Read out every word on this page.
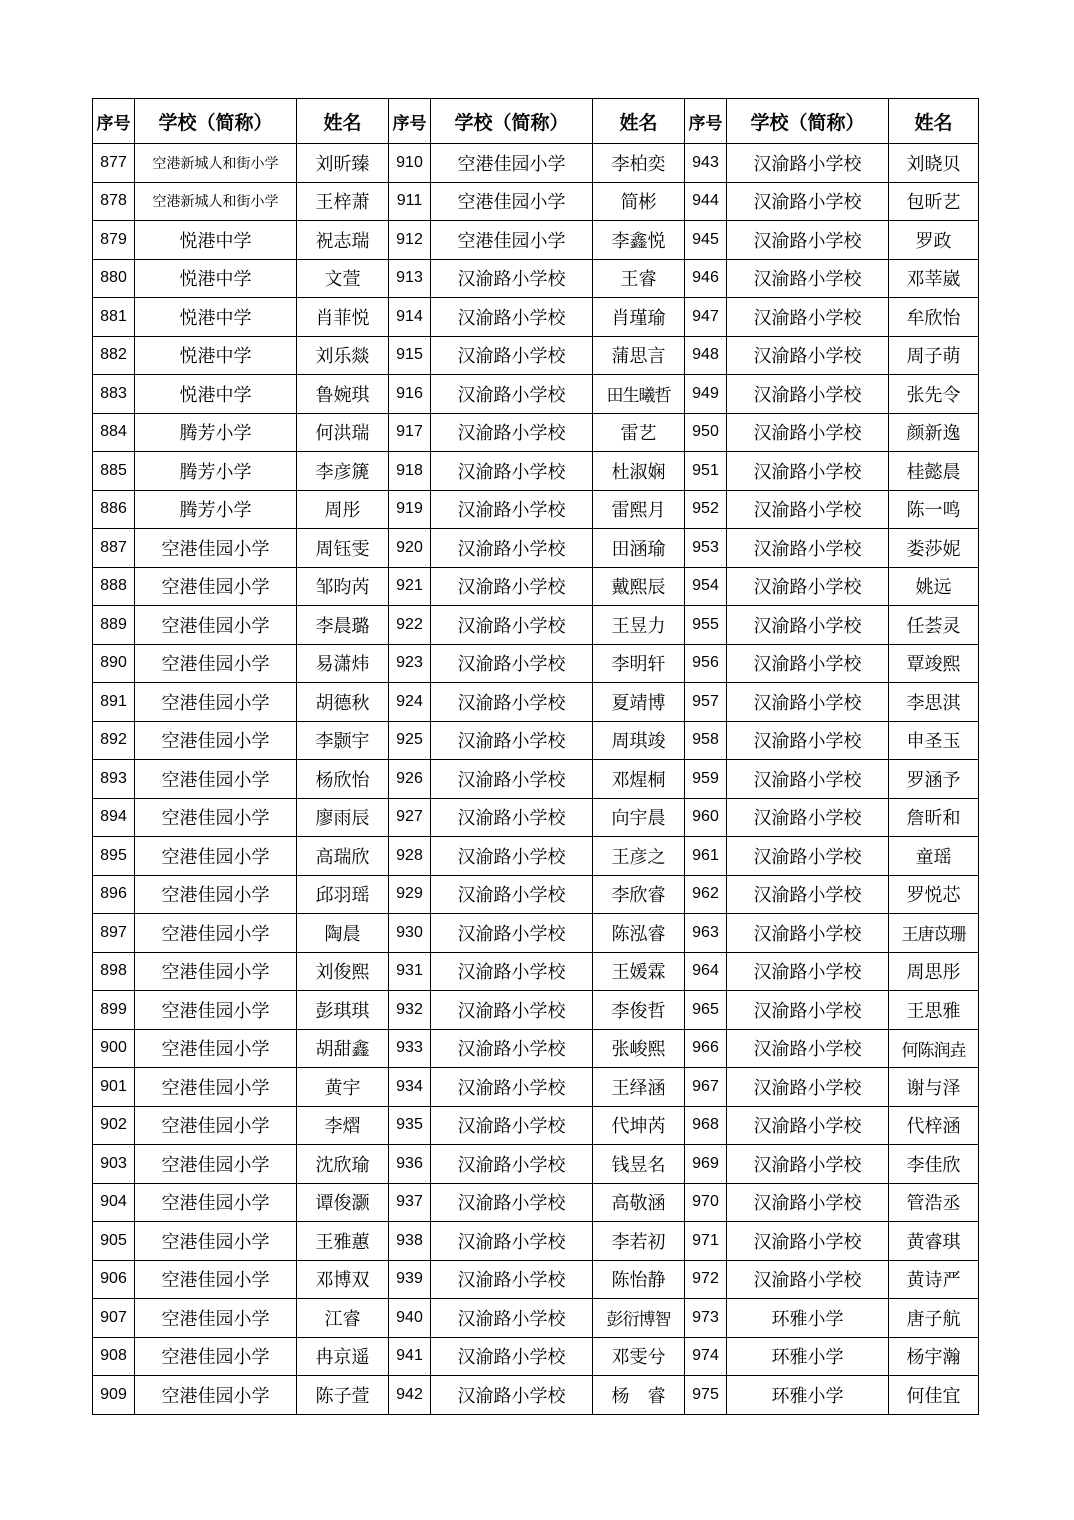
序号	学校（简称）	姓名	序号	学校（简称）	姓名	序号	学校（简称）	姓名
877	空港新城人和街小学	刘昕臻	910	空港佳园小学	李柏奕	943	汉渝路小学校	刘晓贝
878	空港新城人和街小学	王梓萧	911	空港佳园小学	简彬	944	汉渝路小学校	包昕艺
879	悦港中学	祝志瑞	912	空港佳园小学	李鑫悦	945	汉渝路小学校	罗政
880	悦港中学	文萱	913	汉渝路小学校	王睿	946	汉渝路小学校	邓莘崴
881	悦港中学	肖菲悦	914	汉渝路小学校	肖瑾瑜	947	汉渝路小学校	牟欣怡
882	悦港中学	刘乐燚	915	汉渝路小学校	蒲思言	948	汉渝路小学校	周子萌
883	悦港中学	鲁婉琪	916	汉渝路小学校	田生曦哲	949	汉渝路小学校	张先令
884	腾芳小学	何洪瑞	917	汉渝路小学校	雷艺	950	汉渝路小学校	颜新逸
885	腾芳小学	李彦篪	918	汉渝路小学校	杜淑娴	951	汉渝路小学校	桂懿晨
886	腾芳小学	周彤	919	汉渝路小学校	雷熙月	952	汉渝路小学校	陈一鸣
887	空港佳园小学	周钰雯	920	汉渝路小学校	田涵瑜	953	汉渝路小学校	娄莎妮
888	空港佳园小学	邹昀芮	921	汉渝路小学校	戴熙辰	954	汉渝路小学校	姚远
889	空港佳园小学	李晨璐	922	汉渝路小学校	王昱力	955	汉渝路小学校	任荟灵
890	空港佳园小学	易潇炜	923	汉渝路小学校	李明轩	956	汉渝路小学校	覃竣熙
891	空港佳园小学	胡德秋	924	汉渝路小学校	夏靖博	957	汉渝路小学校	李思淇
892	空港佳园小学	李颢宇	925	汉渝路小学校	周琪竣	958	汉渝路小学校	申圣玉
893	空港佳园小学	杨欣怡	926	汉渝路小学校	邓煋桐	959	汉渝路小学校	罗涵予
894	空港佳园小学	廖雨辰	927	汉渝路小学校	向宇晨	960	汉渝路小学校	詹昕和
895	空港佳园小学	高瑞欣	928	汉渝路小学校	王彦之	961	汉渝路小学校	童瑶
896	空港佳园小学	邱羽瑶	929	汉渝路小学校	李欣睿	962	汉渝路小学校	罗悦芯
897	空港佳园小学	陶晨	930	汉渝路小学校	陈泓睿	963	汉渝路小学校	王唐苡珊
898	空港佳园小学	刘俊熙	931	汉渝路小学校	王媛霖	964	汉渝路小学校	周思彤
899	空港佳园小学	彭琪琪	932	汉渝路小学校	李俊哲	965	汉渝路小学校	王思雅
900	空港佳园小学	胡甜鑫	933	汉渝路小学校	张峻熙	966	汉渝路小学校	何陈润垚
901	空港佳园小学	黄宇	934	汉渝路小学校	王绎涵	967	汉渝路小学校	谢与泽
902	空港佳园小学	李熠	935	汉渝路小学校	代坤芮	968	汉渝路小学校	代梓涵
903	空港佳园小学	沈欣瑜	936	汉渝路小学校	钱昱名	969	汉渝路小学校	李佳欣
904	空港佳园小学	谭俊灏	937	汉渝路小学校	高敬涵	970	汉渝路小学校	管浩丞
905	空港佳园小学	王雅蕙	938	汉渝路小学校	李若初	971	汉渝路小学校	黄睿琪
906	空港佳园小学	邓博双	939	汉渝路小学校	陈怡静	972	汉渝路小学校	黄诗严
907	空港佳园小学	江睿	940	汉渝路小学校	彭衍博智	973	环雅小学	唐子航
908	空港佳园小学	冉京遥	941	汉渝路小学校	邓雯兮	974	环雅小学	杨宇瀚
909	空港佳园小学	陈子萱	942	汉渝路小学校	杨　睿	975	环雅小学	何佳宜
